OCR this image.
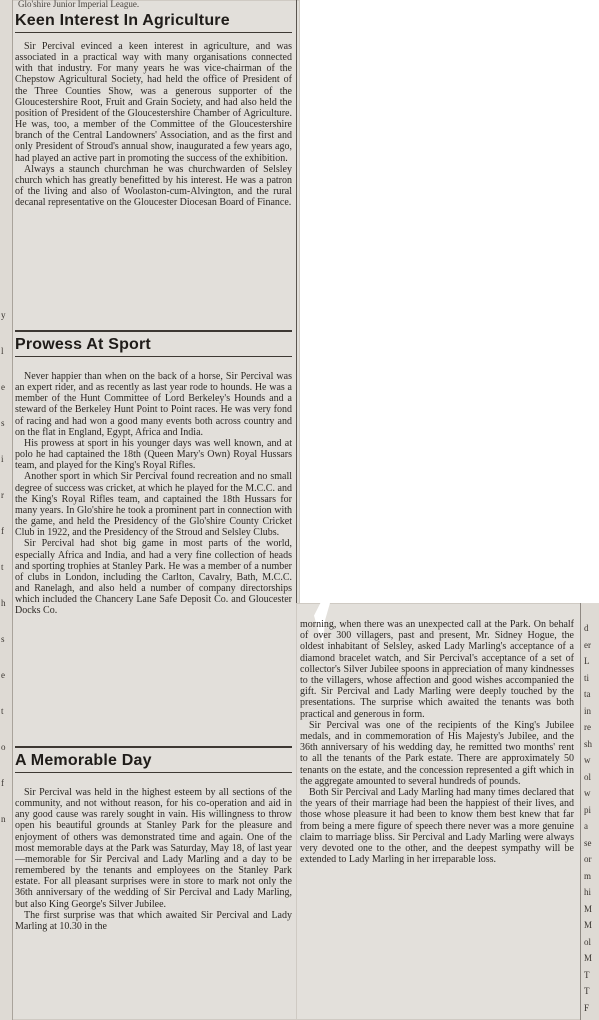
y
l
e
s
i
r
f
t
h
s
e
t
o
f
n
Glo'shire Junior Imperial League.
Keen Interest In Agriculture

Sir Percival evinced a keen interest in agriculture, and was associated in a practical way with many organisations connected with that industry. For many years he was vice-chairman of the Chepstow Agricultural Society, had held the office of President of the Three Counties Show, was a generous supporter of the Gloucestershire Root, Fruit and Grain Society, and had also held the position of President of the Gloucestershire Chamber of Agriculture. He was, too, a member of the Committee of the Gloucestershire branch of the Central Landowners' Association, and as the first and only President of Stroud's annual show, inaugurated a few years ago, had played an active part in promoting the success of the exhibition.

Always a staunch churchman he was churchwarden of Selsley church which has greatly benefitted by his interest. He was a patron of the living and also of Woolaston-cum-Alvington, and the rural decanal representative on the Gloucester Diocesan Board of Finance.

Prowess At Sport

Never happier than when on the back of a horse, Sir Percival was an expert rider, and as recently as last year rode to hounds. He was a member of the Hunt Committee of Lord Berkeley's Hounds and a steward of the Berkeley Hunt Point to Point races. He was very fond of racing and had won a good many events both across country and on the flat in England, Egypt, Africa and India.

His prowess at sport in his younger days was well known, and at polo he had captained the 18th (Queen Mary's Own) Royal Hussars team, and played for the King's Royal Rifles.

Another sport in which Sir Percival found recreation and no small degree of success was cricket, at which he played for the M.C.C. and the King's Royal Rifles team, and captained the 18th Hussars for many years. In Glo'shire he took a prominent part in connection with the game, and held the Presidency of the Glo'shire County Cricket Club in 1922, and the Presidency of the Stroud and Selsley Clubs.

Sir Percival had shot big game in most parts of the world, especially Africa and India, and had a very fine collection of heads and sporting trophies at Stanley Park. He was a member of a number of clubs in London, including the Carlton, Cavalry, Bath, M.C.C. and Ranelagh, and also held a number of company directorships which included the Chancery Lane Safe Deposit Co. and Gloucester Docks Co.

A Memorable Day

Sir Percival was held in the highest esteem by all sections of the community, and not without reason, for his co-operation and aid in any good cause was rarely sought in vain. His willingness to throw open his beautiful grounds at Stanley Park for the pleasure and enjoyment of others was demonstrated time and again. One of the most memorable days at the Park was Saturday, May 18, of last year—memorable for Sir Percival and Lady Marling and a day to be remembered by the tenants and employees on the Stanley Park estate. For all pleasant surprises were in store to mark not only the 36th anniversary of the wedding of Sir Percival and Lady Marling, but also King George's Silver Jubilee.

The first surprise was that which awaited Sir Percival and Lady Marling at 10.30 in the

morning, when there was an unexpected call at the Park. On behalf of over 300 villagers, past and present, Mr. Sidney Hogue, the oldest inhabitant of Selsley, asked Lady Marling's acceptance of a diamond bracelet watch, and Sir Percival's acceptance of a set of collector's Silver Jubilee spoons in appreciation of many kindnesses to the villagers, whose affection and good wishes accompanied the gift. Sir Percival and Lady Marling were deeply touched by the presentations. The surprise which awaited the tenants was both practical and generous in form.

Sir Percival was one of the recipients of the King's Jubilee medals, and in commemoration of His Majesty's Jubilee, and the 36th anniversary of his wedding day, he remitted two months' rent to all the tenants of the Park estate. There are approximately 50 tenants on the estate, and the concession represented a gift which in the aggregate amounted to several hundreds of pounds.

Both Sir Percival and Lady Marling had many times declared that the years of their marriage had been the happiest of their lives, and those whose pleasure it had been to know them best knew that far from being a mere figure of speech there never was a more genuine claim to marriage bliss. Sir Percival and Lady Marling were always very devoted one to the other, and the deepest sympathy will be extended to Lady Marling in her irreparable loss.

d
er
L
ti
ta
in
re
sh
w
ol
w
pi
a
se
or
m
hi
M
M
ol
M
T
T
F
